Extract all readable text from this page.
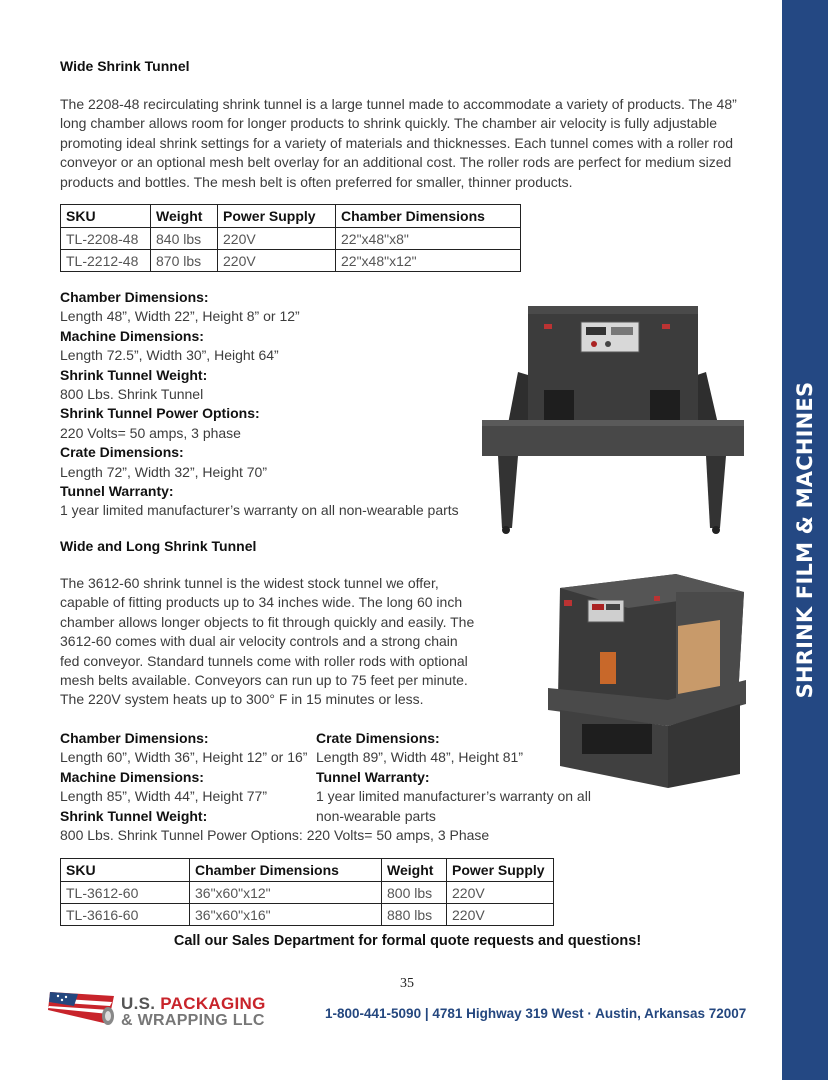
SHRINK FILM & MACHINES
Wide Shrink Tunnel
The 2208-48 recirculating shrink tunnel is a large tunnel made to accommodate a variety of products. The 48”
long chamber allows room for longer products to shrink quickly. The chamber air velocity is fully adjustable
promoting ideal shrink settings for a variety of materials and thicknesses. Each tunnel comes with a roller rod
conveyor or an optional mesh belt overlay for an additional cost. The roller rods are perfect for medium sized
products and bottles. The mesh belt is often preferred for smaller, thinner products.
SKU	Weight	Power Supply	Chamber Dimensions
TL-2208-48	840 lbs	220V	22"x48"x8"
TL-2212-48	870 lbs	220V	22"x48"x12"
Chamber Dimensions:
Length 48”, Width 22”, Height 8” or 12”
Machine Dimensions:
Length 72.5”, Width 30”, Height 64”
Shrink Tunnel Weight:
800 Lbs. Shrink Tunnel
Shrink Tunnel Power Options:
220 Volts= 50 amps, 3 phase
Crate Dimensions:
Length 72”, Width 32”, Height 70”
Tunnel Warranty:
1 year limited manufacturer’s warranty on all non-wearable parts
Wide and Long Shrink Tunnel
The 3612-60 shrink tunnel is the widest stock tunnel we offer,
capable of fitting products up to 34 inches wide. The long 60 inch
chamber allows longer objects to fit through quickly and easily. The
3612-60 comes with dual air velocity controls and a strong chain
fed conveyor. Standard tunnels come with roller rods with optional
mesh belts available. Conveyors can run up to 75 feet per minute.
The 220V system heats up to 300° F in 15 minutes or less.
Chamber Dimensions:
Length 60”, Width 36”, Height 12” or 16”
Machine Dimensions:
Length 85”, Width 44”, Height 77”
Shrink Tunnel Weight:
800 Lbs. Shrink Tunnel Power Options: 220 Volts= 50 amps, 3 Phase
Crate Dimensions:
Length 89”, Width 48”, Height 81”
Tunnel Warranty:
1 year limited manufacturer’s warranty on all
non-wearable parts
SKU	Chamber Dimensions	Weight	Power Supply
TL-3612-60	36"x60"x12"	800 lbs	220V
TL-3616-60	36"x60"x16"	880 lbs	220V
Call our Sales Department for formal quote requests and questions!
35
U.S. PACKAGING
& WRAPPING LLC	1-800-441-5090 | 4781 Highway 319 West · Austin, Arkansas 72007
